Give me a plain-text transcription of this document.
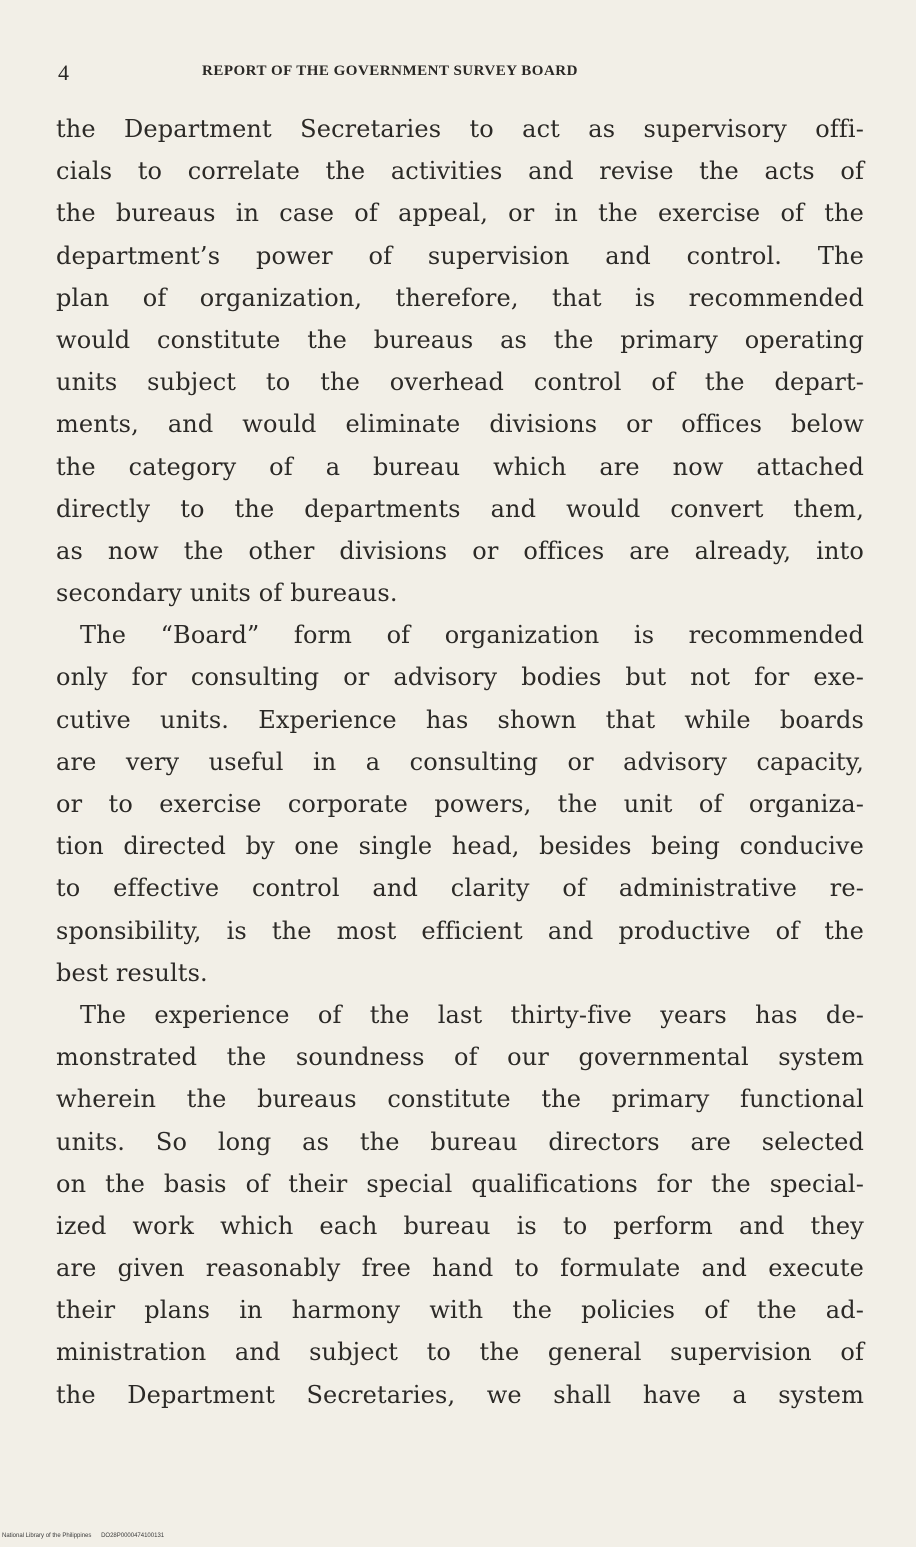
4	REPORT OF THE GOVERNMENT SURVEY BOARD
the Department Secretaries to act as supervisory offi-
cials to correlate the activities and revise the acts of
the bureaus in case of appeal, or in the exercise of the
department’s power of supervision and control. The
plan of organization, therefore, that is recommended
would constitute the bureaus as the primary operating
units subject to the overhead control of the depart-
ments, and would eliminate divisions or offices below
the category of a bureau which are now attached
directly to the departments and would convert them,
as now the other divisions or offices are already, into
secondary units of bureaus.
The “Board” form of organization is recommended
only for consulting or advisory bodies but not for exe-
cutive units. Experience has shown that while boards
are very useful in a consulting or advisory capacity,
or to exercise corporate powers, the unit of organiza-
tion directed by one single head, besides being conducive
to effective control and clarity of administrative re-
sponsibility, is the most efficient and productive of the
best results.
The experience of the last thirty-five years has de-
monstrated the soundness of our governmental system
wherein the bureaus constitute the primary functional
units. So long as the bureau directors are selected
on the basis of their special qualifications for the special-
ized work which each bureau is to perform and they
are given reasonably free hand to formulate and execute
their plans in harmony with the policies of the ad-
ministration and subject to the general supervision of
the Department Secretaries, we shall have a system
National Library of the Philippines DO28P0000474100131
